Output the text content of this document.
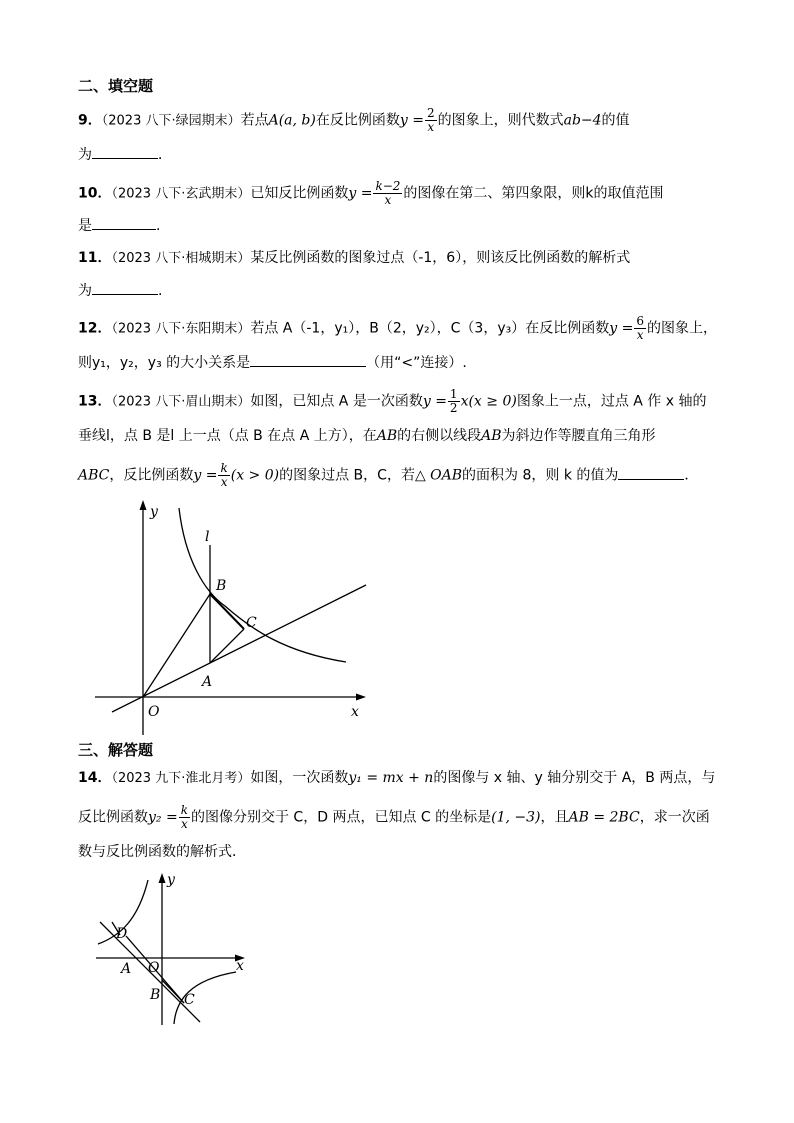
二、填空题
9．（2023 八下·绿园期末）若点A(a, b)在反比例函数$y = \frac{2}{x}$ 的图象上，则代数式ab−4的值
为	．
10．（2023 八下·玄武期末）已知反比例函数$y = \frac{k-2}{x}$ 的图像在第二、第四象限，则k的取值范围
是	.
11．（2023 八下·相城期末）某反比例函数的图象过点（-1，6），则该反比例函数的解析式
为	.
12．（2023 八下·东阳期末）若点 A（-1，y₁），B（2，y₂），C（3，y₃）在反比例函数$y = \frac{6}{x}$ 的图象上，
则y₁，y₂，y₃ 的大小关系是	（用“<”连接）.
13．（2023 八下·眉山期末）如图，已知点 A 是一次函数$y = \frac{1}{2} x(x \ge 0)$图象上一点，过点 A 作 x 轴的
垂线l，点 B 是l 上一点（点 B 在点 A 上方），在AB的右侧以线段AB为斜边作等腰直角三角形
ABC，反比例函数$y = \frac{k}{x} (x > 0)$的图象过点 B，C，若△ OAB的面积为 8，则 k 的值为	．
y
l
B
C
A
O	x
三、解答题
14．（2023 九下·淮北月考）如图，一次函数y₁ = mx + n的图像与 x 轴、y 轴分别交于 A，B 两点，与
反比例函数$y_2 = \frac{k}{x}$ 的图像分别交于 C，D 两点，已知点 C 的坐标是(1, −3)，且AB = 2BC，求一次函
数与反比例函数的解析式．
y
D
A O	x
B C
